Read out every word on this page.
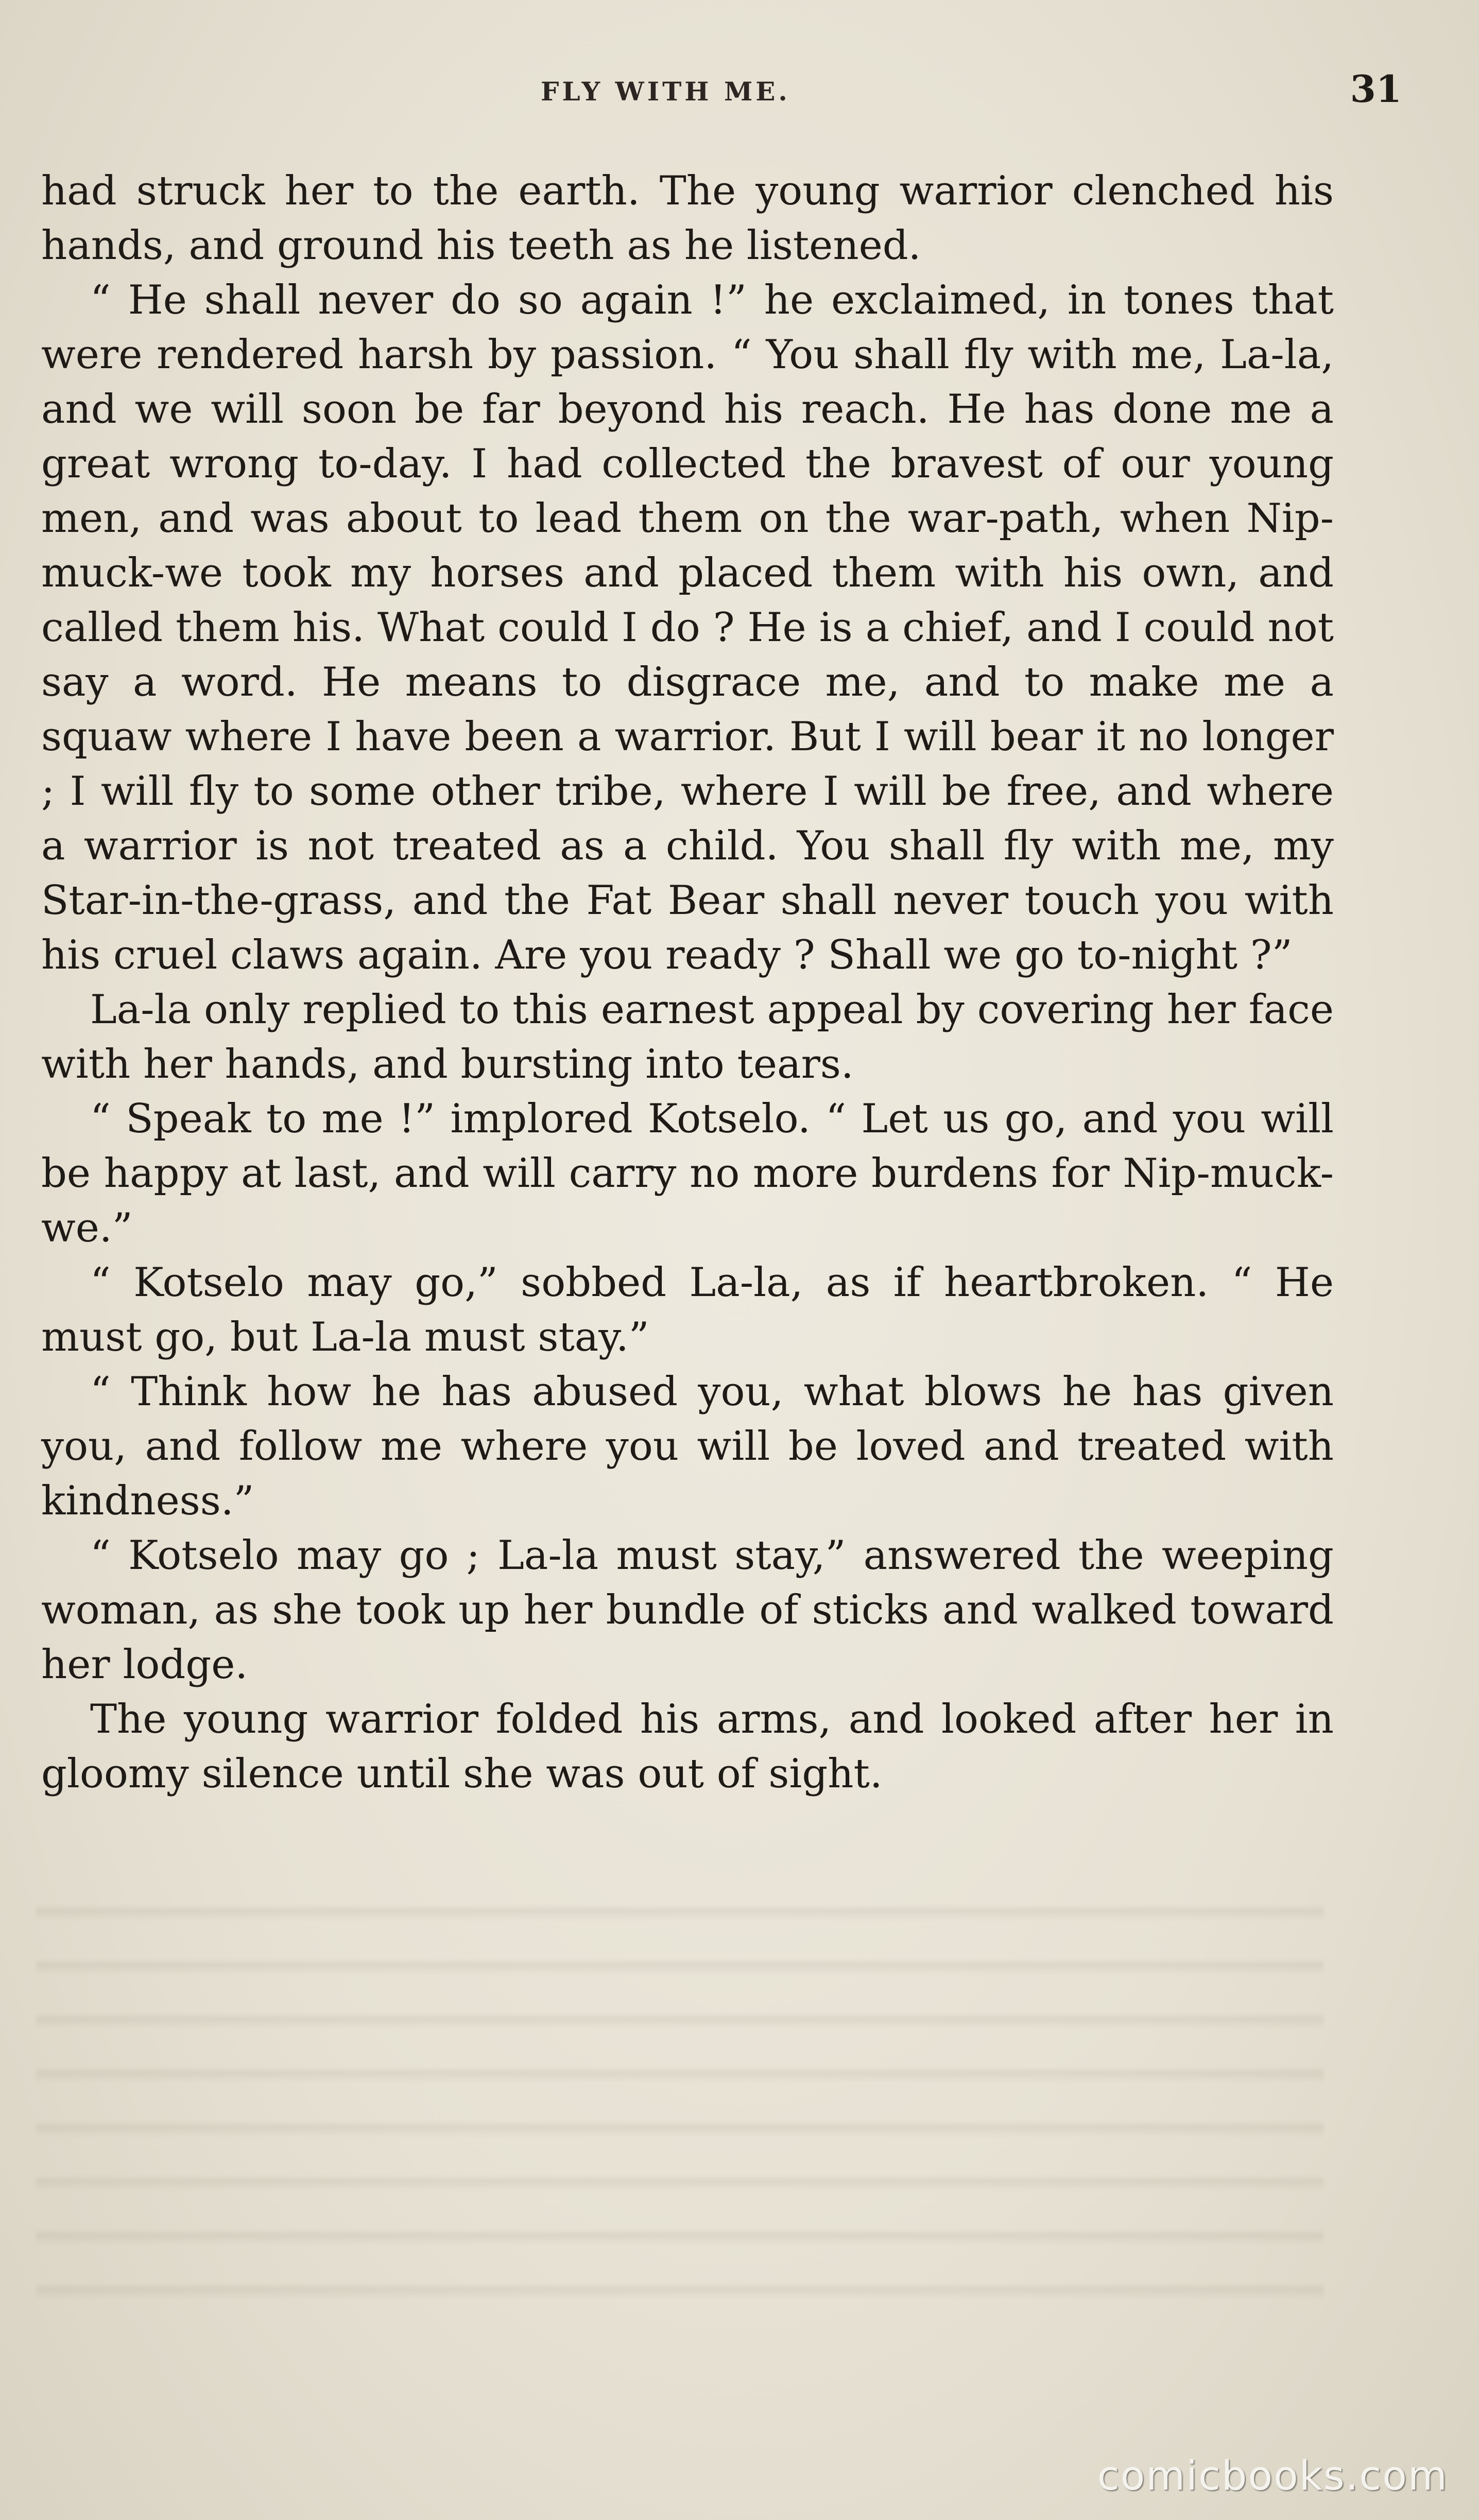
FLY WITH ME.	31

had struck her to the earth. The young warrior clenched his hands, and ground his teeth as he listened.

“ He shall never do so again !” he exclaimed, in tones that were rendered harsh by passion. “ You shall fly with me, La-la, and we will soon be far beyond his reach. He has done me a great wrong to-day. I had collected the bravest of our young men, and was about to lead them on the war-path, when Nip-muck-we took my horses and placed them with his own, and called them his. What could I do ? He is a chief, and I could not say a word. He means to disgrace me, and to make me a squaw where I have been a warrior. But I will bear it no longer ; I will fly to some other tribe, where I will be free, and where a warrior is not treated as a child. You shall fly with me, my Star-in-the-grass, and the Fat Bear shall never touch you with his cruel claws again. Are you ready ? Shall we go to-night ?”

La-la only replied to this earnest appeal by covering her face with her hands, and bursting into tears.

“ Speak to me !” implored Kotselo. “ Let us go, and you will be happy at last, and will carry no more burdens for Nip-muck-we.”

“ Kotselo may go,” sobbed La-la, as if heartbroken. “ He must go, but La-la must stay.”

“ Think how he has abused you, what blows he has given you, and follow me where you will be loved and treated with kindness.”

“ Kotselo may go ; La-la must stay,” answered the weeping woman, as she took up her bundle of sticks and walked toward her lodge.

The young warrior folded his arms, and looked after her in gloomy silence until she was out of sight.

comicbooks.com
